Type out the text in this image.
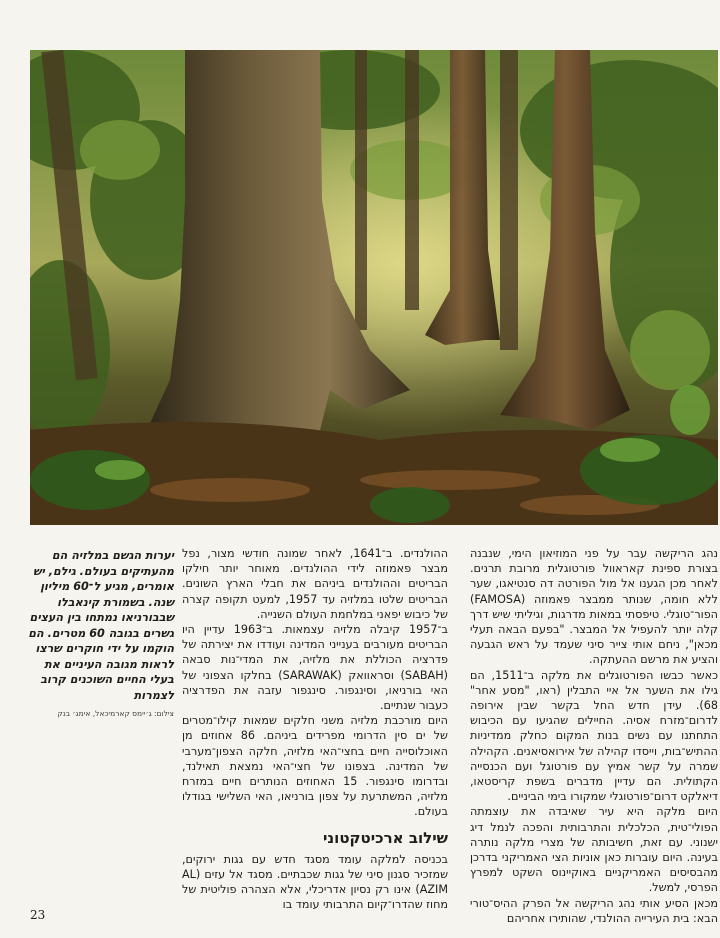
נהג הריקשה עבר על פני המוזיאון הימי, שנבנה בצורת ספינת קאראוול פורטוגלית מרובת תרנים. לאחר מכן הגענו אל מול הפורטה דה סנטיאגו, שער ללא חומה, שנותר ממבצר פאמוזה (FAMOSA) הפור־טוגלי. טיפסתי במאות מדרגות, וגיליתי שיש דרך קלה יותר להעפיל אל המבצר. "בפעם הבאה תעלי מכאן", ניחם אותי צייר סיני שעמד על ראש הגבעה והציע את מרשם ההעתקה.

כאשר כבשו הפורטוגלים את מלקה ב־1511, הם גילו את השער אל איי התבלין (ראו, "מסע אחר" 68). עידן חדש החל בקשר שבין אירופה לדרום־מזרח אסיה. החיילים שהגיעו עם הכיבוש התחתנו עם נשים בנות המקום כחלק ממדיניות ההתיש־בות, וייסדו קהילה של אירואסיאנים. הקהילה שמרה על קשר אמיץ עם פורטוגל ועם הכנסייה הקתולית. הם עדיין מדברים בשפת קריסטאו, דיאלקט דרום־פורטוגלי שמקורו בימי הביניים.

היום מלקה היא עיר שאיבדה את עוצמתה הפולי־טית, הכלכלית והתרבותית והפכה לנמל דיג ישנוני. עם זאת, חשיבותה של מצרי מלקה נותרה בעינה. היום עוברות כאן אוניות הצי האמריקני בדרכן מהבסיסים האמריקניים באוקיינוס השקט למפרץ הפרסי, למשל.

מכאן הסיע אותי נהג הריקשה אל הפרק ההיס־טורי הבא: בית העירייה ההולנדי, שהותירו אחריהם

ההולנדים. ב־1641, לאחר שמונה חודשי מצור, נפל מבצר פאמוזה לידי ההולנדים. מאוחר יותר חילקו הבריטים וההולנדים ביניהם את חבלי הארץ השונים. הבריטים שלטו במלזיה עד 1957, למעט תקופה קצרה של כיבוש יפאני במלחמת העולם השנייה.

ב־1957 קיבלה מלזיה עצמאות. ב־1963 עדיין היו הבריטים מעורבים בענייני המדינה ועודדו את יצירתה של פדרציה הכוללת את מלזיה, את המדי־נות סבאה (SABAH) וסראוואק (SARAWAK) בחלקו הצפוני של האי בורניאו, וסינגפור. סינגפור עזבה את הפדרציה כעבור שנתיים.

היום מורכבת מלזיה משני חלקים שמאות קילו־מטרים של ים סין הדרומי מפרידים ביניהם. 86 אחוזים מן האוכלוסייה חיים בחצי־האי מלזיה, חלקה הצפון־מערבי של המדינה. בצפונו של חצי־האי נמצאת תאילנד, ובדרומו סינגפור. 15 האחוזים הנותרים חיים במזרח מלזיה, המשתרעת על צפון בורניאו, האי השלישי בגודלו בעולם.

שילוב ארכיטקטוני

בכניסה למלקה עומד מסגד חדש עם גגות ירוקים, שמזכיר סגנון סיני של גגות שכבתיים. מסגד אל עזים (AL AZIM) אינו רק נסיון אדריכלי, אלא הצהרה פוליטית של מחוז שהדרו־קיום התרבותי עומד בו

יערות הגשם במלזיה הם מהעתיקים בעולם. גילם, יש אומרים, מגיע ל־60 מיליון שנה. בשמורת קינאבלו שבבורניאו נמתחו בין העצים גשרים בגובה 60 מטרים. הם הוקמו על ידי חוקרים שרצו לראות מגובה העיניים את בעלי החיים השוכנים קרוב לצמרות
צילום: ג׳יימס קארמיכאל, אימג׳ בנק
23
